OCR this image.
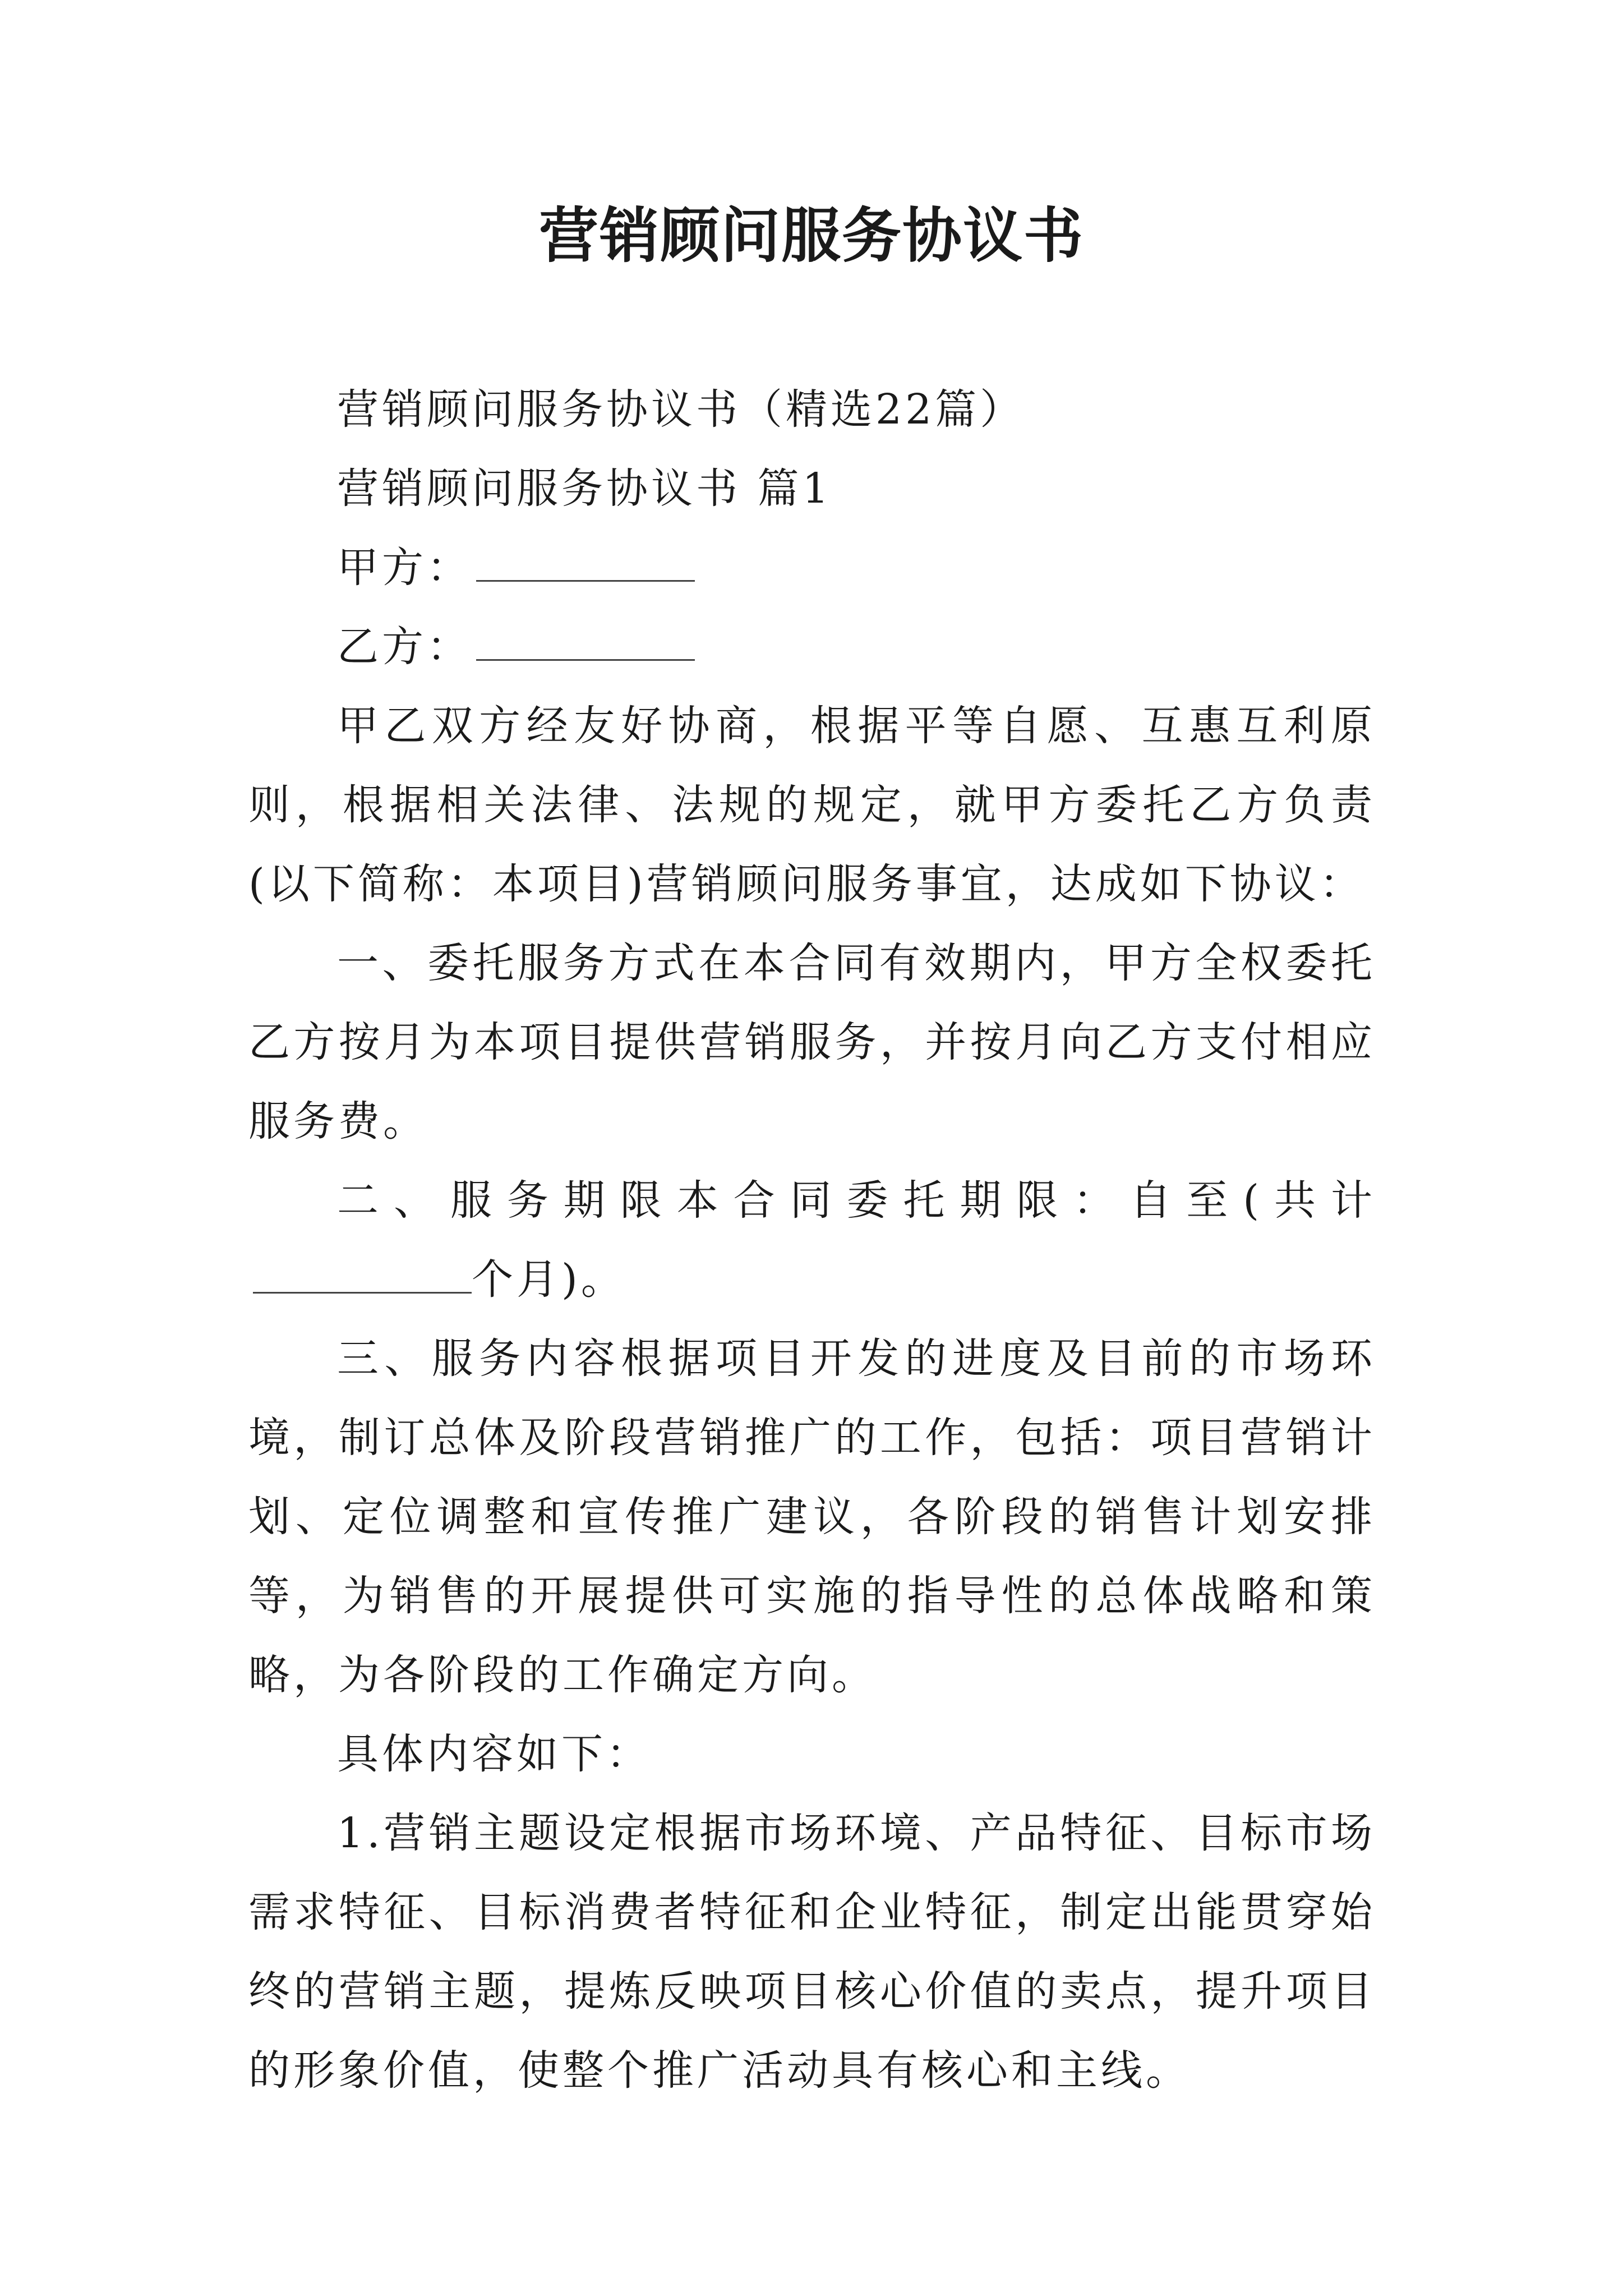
营销顾问服务协议书

营销顾问服务协议书（精选22篇）

营销顾问服务协议书 篇1

甲方：

乙方：

甲乙双方经友好协商，根据平等自愿、互惠互利原则，根据相关法律、法规的规定，就甲方委托乙方负责(以下简称：本项目)营销顾问服务事宜，达成如下协议：

一、委托服务方式在本合同有效期内，甲方全权委托乙方按月为本项目提供营销服务，并按月向乙方支付相应服务费。

二、服务期限本合同委托期限：自至(共计个月)。

三、服务内容根据项目开发的进度及目前的市场环境，制订总体及阶段营销推广的工作，包括：项目营销计划、定位调整和宣传推广建议，各阶段的销售计划安排等，为销售的开展提供可实施的指导性的总体战略和策略，为各阶段的工作确定方向。

具体内容如下：

1.营销主题设定根据市场环境、产品特征、目标市场需求特征、目标消费者特征和企业特征，制定出能贯穿始终的营销主题，提炼反映项目核心价值的卖点，提升项目的形象价值，使整个推广活动具有核心和主线。
